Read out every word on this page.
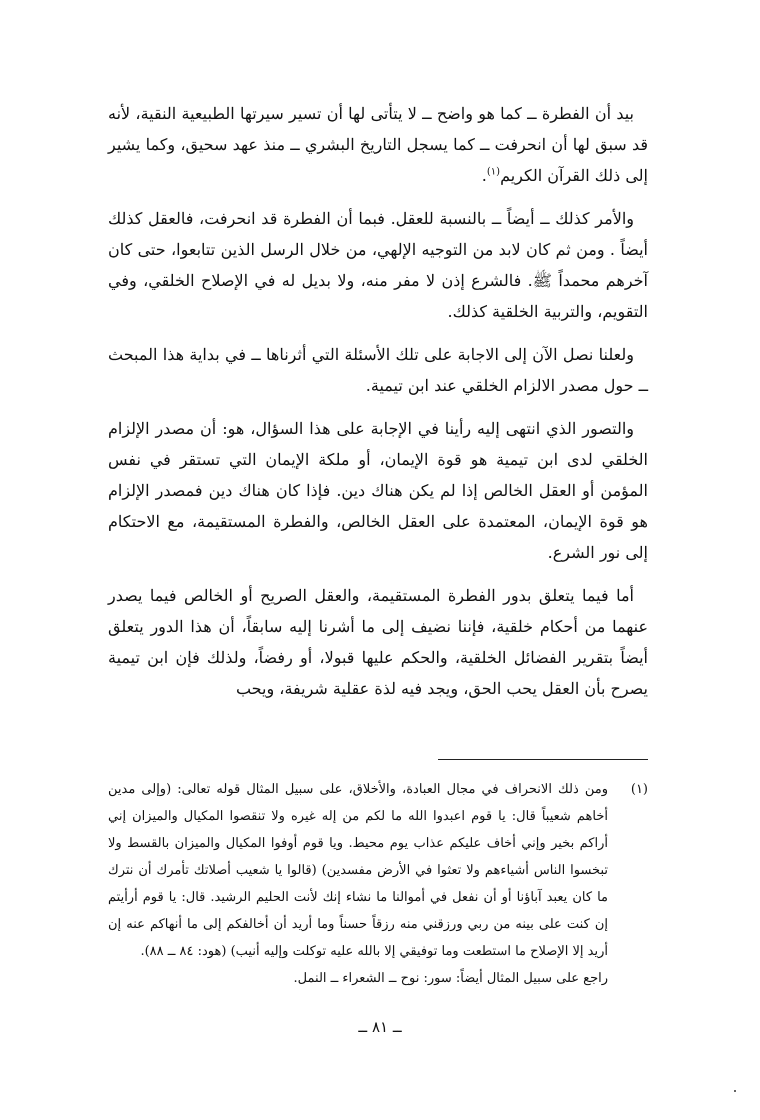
بيد أن الفطرة ــ كما هو واضح ــ لا يتأتى لها أن تسير سيرتها الطبيعية النقية، لأنه قد سبق لها أن انحرفت ــ كما يسجل التاريخ البشري ــ منذ عهد سحيق، وكما يشير إلى ذلك القرآن الكريم$^{(١)}$.

والأمر كذلك ــ أيضاً ــ بالنسبة للعقل. فبما أن الفطرة قد انحرفت، فالعقل كذلك أيضاً . ومن ثم كان لابد من التوجيه الإلهي، من خلال الرسل الذين تتابعوا، حتى كان آخرهم محمداً ﷺ. فالشرع إذن لا مفر منه، ولا بديل له في الإصلاح الخلقي، وفي التقويم، والتربية الخلقية كذلك.

ولعلنا نصل الآن إلى الاجابة على تلك الأسئلة التي أثرناها ــ في بداية هذا المبحث ــ حول مصدر الالزام الخلقي عند ابن تيمية.

والتصور الذي انتهى إليه رأينا في الإجابة على هذا السؤال، هو: أن مصدر الإلزام الخلقي لدى ابن تيمية هو قوة الإيمان، أو ملكة الإيمان التي تستقر في نفس المؤمن أو العقل الخالص إذا لم يكن هناك دين. فإذا كان هناك دين فمصدر الإلزام هو قوة الإيمان، المعتمدة على العقل الخالص، والفطرة المستقيمة، مع الاحتكام إلى نور الشرع.

أما فيما يتعلق بدور الفطرة المستقيمة، والعقل الصريح أو الخالص فيما يصدر عنهما من أحكام خلقية، فإننا نضيف إلى ما أشرنا إليه سابقاً، أن هذا الدور يتعلق أيضاً بتقرير الفضائل الخلقية، والحكم عليها قبولا، أو رفضاً، ولذلك فإن ابن تيمية يصرح بأن العقل يحب الحق، ويجد فيه لذة عقلية شريفة، ويحب

(١)

ومن ذلك الانحراف في مجال العبادة، والأخلاق، على سبيل المثال قوله تعالى: (وإلى مدين أخاهم شعيباً قال: يا قوم اعبدوا الله ما لكم من إله غيره ولا تنقصوا المكيال والميزان إني أراكم بخير وإني أخاف عليكم عذاب يوم محيط. ويا قوم أوفوا المكيال والميزان بالقسط ولا تبخسوا الناس أشياءهم ولا تعثوا في الأرض مفسدين) (قالوا يا شعيب أصلاتك تأمرك أن نترك ما كان يعبد آباؤنا أو أن نفعل في أموالنا ما نشاء إنك لأنت الحليم الرشيد. قال: يا قوم أرأيتم إن كنت على بينه من ربي ورزقني منه رزقاً حسناً وما أريد أن أخالفكم إلى ما أنهاكم عنه إن أريد إلا الإصلاح ما استطعت وما توفيقي إلا بالله عليه توكلت وإليه أنيب) (هود: ٨٤ ــ ٨٨).

راجع على سبيل المثال أيضاً: سور: نوح ــ الشعراء ــ النمل.
ــ ٨١ ــ
